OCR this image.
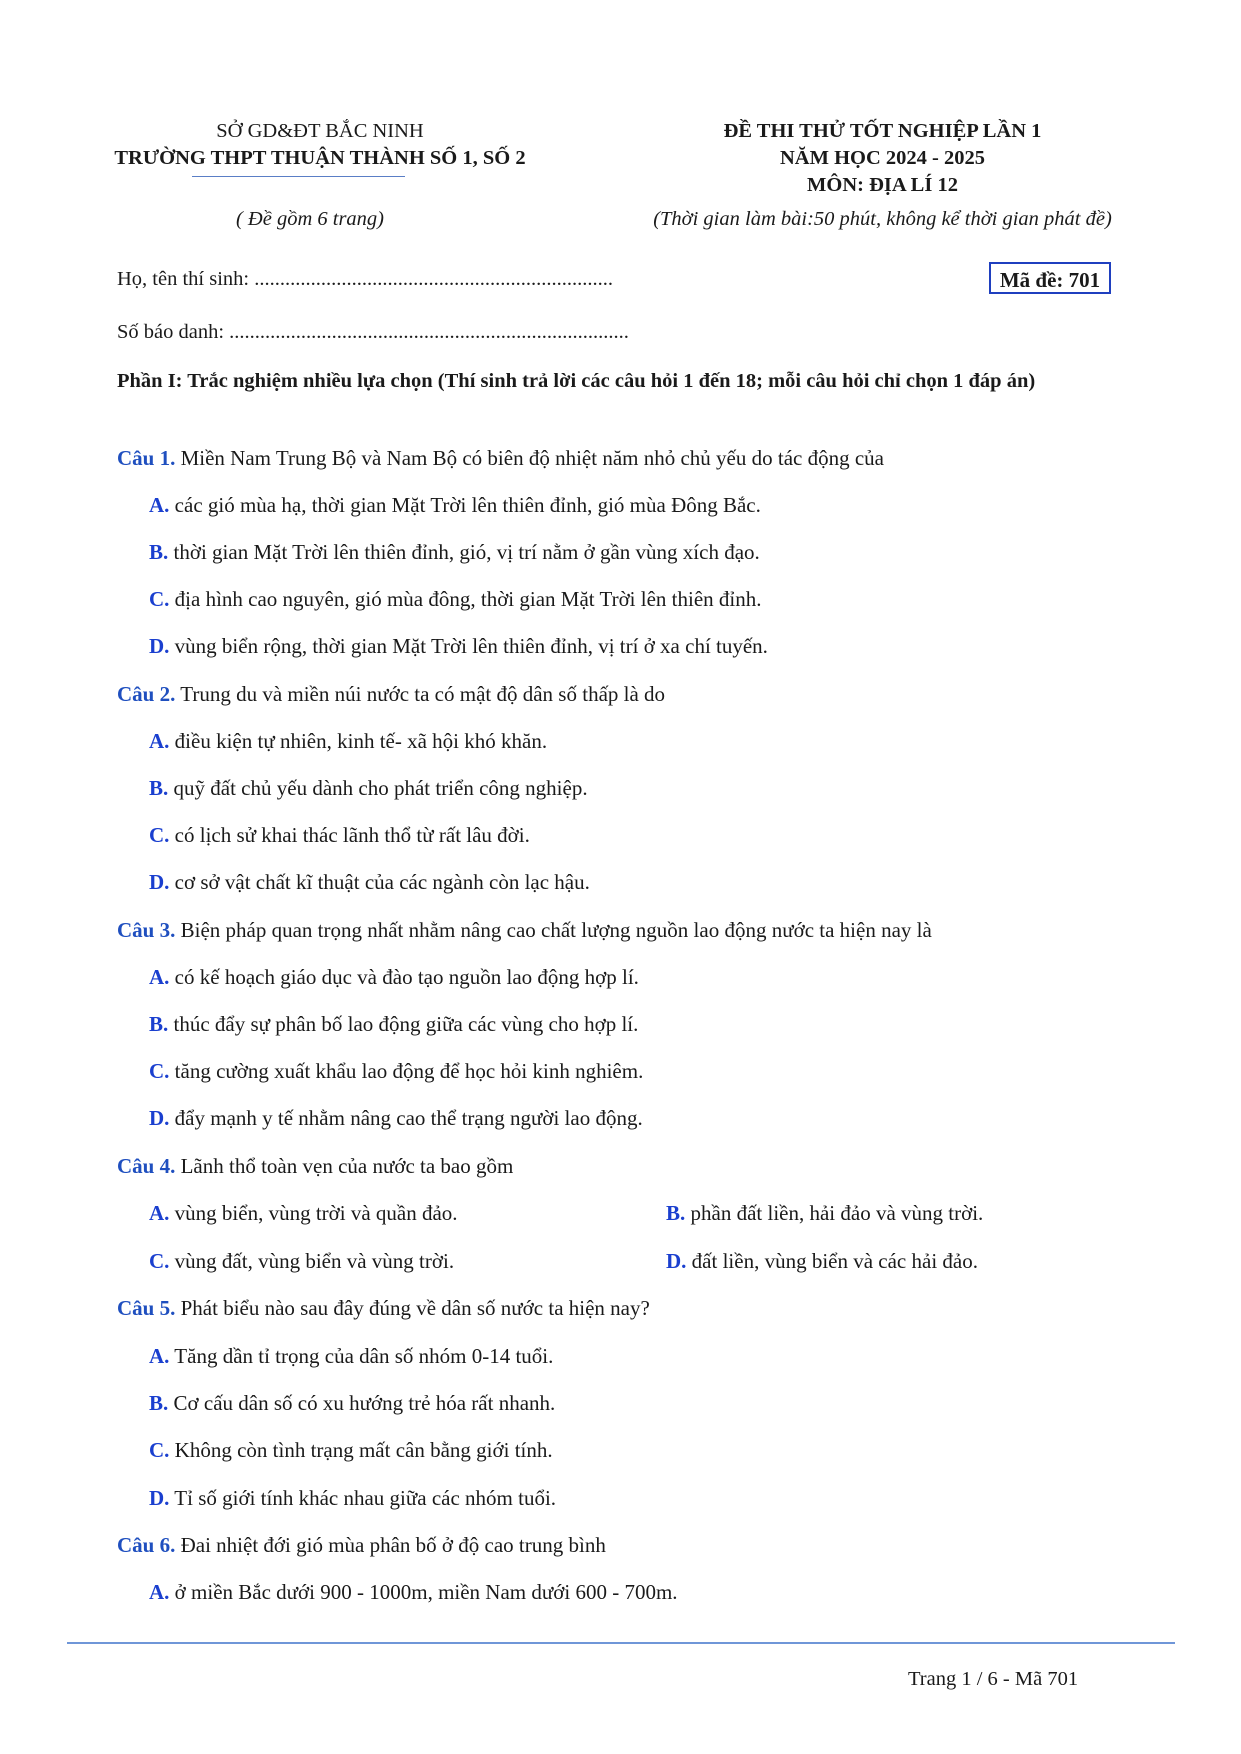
SỞ GD&ĐT BẮC NINH
TRƯỜNG THPT THUẬN THÀNH SỐ 1, SỐ 2
( Đề gồm 6 trang)
ĐỀ THI THỬ TỐT NGHIỆP LẦN 1
NĂM HỌC 2024 - 2025
MÔN: ĐỊA LÍ 12
(Thời gian làm bài:50 phút, không kể thời gian phát đề)
Họ, tên thí sinh: ......................................................................
Số báo danh: ..............................................................................
Mã đề: 701
Phần I: Trắc nghiệm nhiều lựa chọn (Thí sinh trả lời các câu hỏi 1 đến 18; mỗi câu hỏi chỉ chọn 1 đáp án)
Câu 1. Miền Nam Trung Bộ và Nam Bộ có biên độ nhiệt năm nhỏ chủ yếu do tác động của
A. các gió mùa hạ, thời gian Mặt Trời lên thiên đỉnh, gió mùa Đông Bắc.
B. thời gian Mặt Trời lên thiên đỉnh, gió, vị trí nằm ở gần vùng xích đạo.
C. địa hình cao nguyên, gió mùa đông, thời gian Mặt Trời lên thiên đỉnh.
D. vùng biển rộng, thời gian Mặt Trời lên thiên đỉnh, vị trí ở xa chí tuyến.
Câu 2. Trung du và miền núi nước ta có mật độ dân số thấp là do
A. điều kiện tự nhiên, kinh tế- xã hội khó khăn.
B. quỹ đất chủ yếu dành cho phát triển công nghiệp.
C. có lịch sử khai thác lãnh thổ từ rất lâu đời.
D. cơ sở vật chất kĩ thuật của các ngành còn lạc hậu.
Câu 3. Biện pháp quan trọng nhất nhằm nâng cao chất lượng nguồn lao động nước ta hiện nay là
A. có kế hoạch giáo dục và đào tạo nguồn lao động hợp lí.
B. thúc đẩy sự phân bố lao động giữa các vùng cho hợp lí.
C. tăng cường xuất khẩu lao động để học hỏi kinh nghiêm.
D. đẩy mạnh y tế nhằm nâng cao thể trạng người lao động.
Câu 4. Lãnh thổ toàn vẹn của nước ta bao gồm
A. vùng biển, vùng trời và quần đảo.	B. phần đất liền, hải đảo và vùng trời.
C. vùng đất, vùng biển và vùng trời.	D. đất liền, vùng biển và các hải đảo.
Câu 5. Phát biểu nào sau đây đúng về dân số nước ta hiện nay?
A. Tăng dần tỉ trọng của dân số nhóm 0-14 tuổi.
B. Cơ cấu dân số có xu hướng trẻ hóa rất nhanh.
C. Không còn tình trạng mất cân bằng giới tính.
D. Tỉ số giới tính khác nhau giữa các nhóm tuổi.
Câu 6. Đai nhiệt đới gió mùa phân bố ở độ cao trung bình
A. ở miền Bắc dưới 900 - 1000m, miền Nam dưới 600 - 700m.
Trang 1 / 6 - Mã 701
